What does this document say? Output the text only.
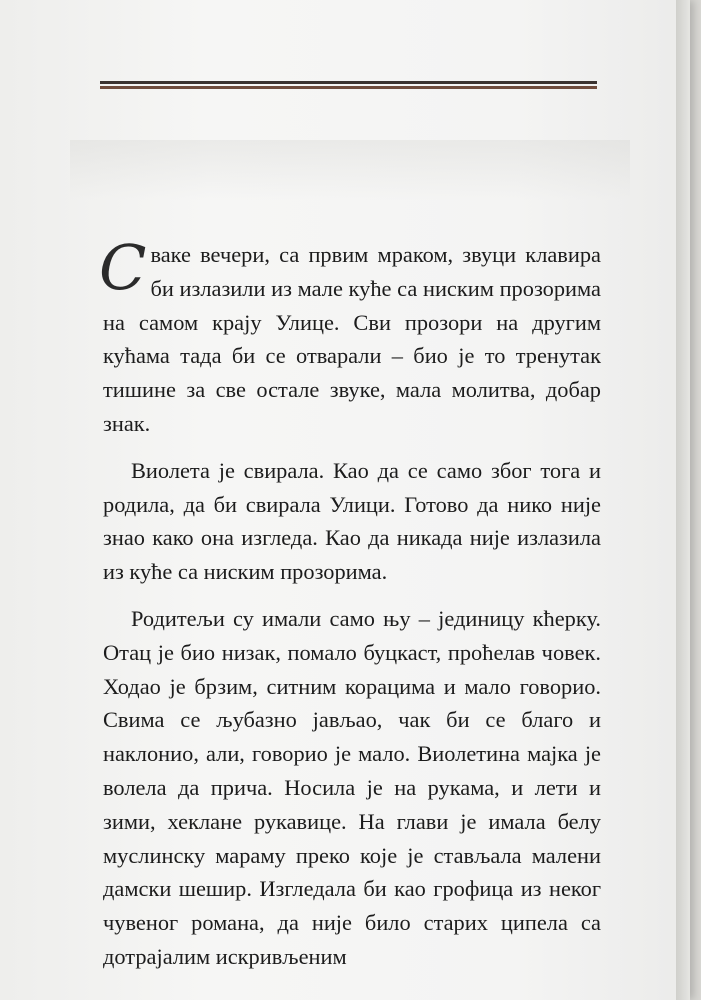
Сваке вечери, са првим мраком, звуци клавира би излазили из мале куће са ниским прозорима на самом крају Улице. Сви прозори на другим кућама тада би се отварали – био је то тренутак тишине за све остале звуке, мала молитва, добар знак.

Виолета је свирала. Као да се само због тога и родила, да би свирала Улици. Готово да нико није знао како она изгледа. Као да никада није излазила из куће са ниским прозорима.

Родитељи су имали само њу – јединицу кћерку. Отац је био низак, помало буцкаст, проћелав човек. Ходао је брзим, ситним корацима и мало говорио. Свима се љубазно јављао, чак би се благо и наклонио, али, говорио је мало. Виолетина мајка је волела да прича. Носила је на рукама, и лети и зими, хеклане рукавице. На глави је имала белу муслинску мараму преко које је стављала малени дамски шешир. Изгледала би као грофица из неког чувеног романа, да није било старих ципела са дотрајалим искривљеним
